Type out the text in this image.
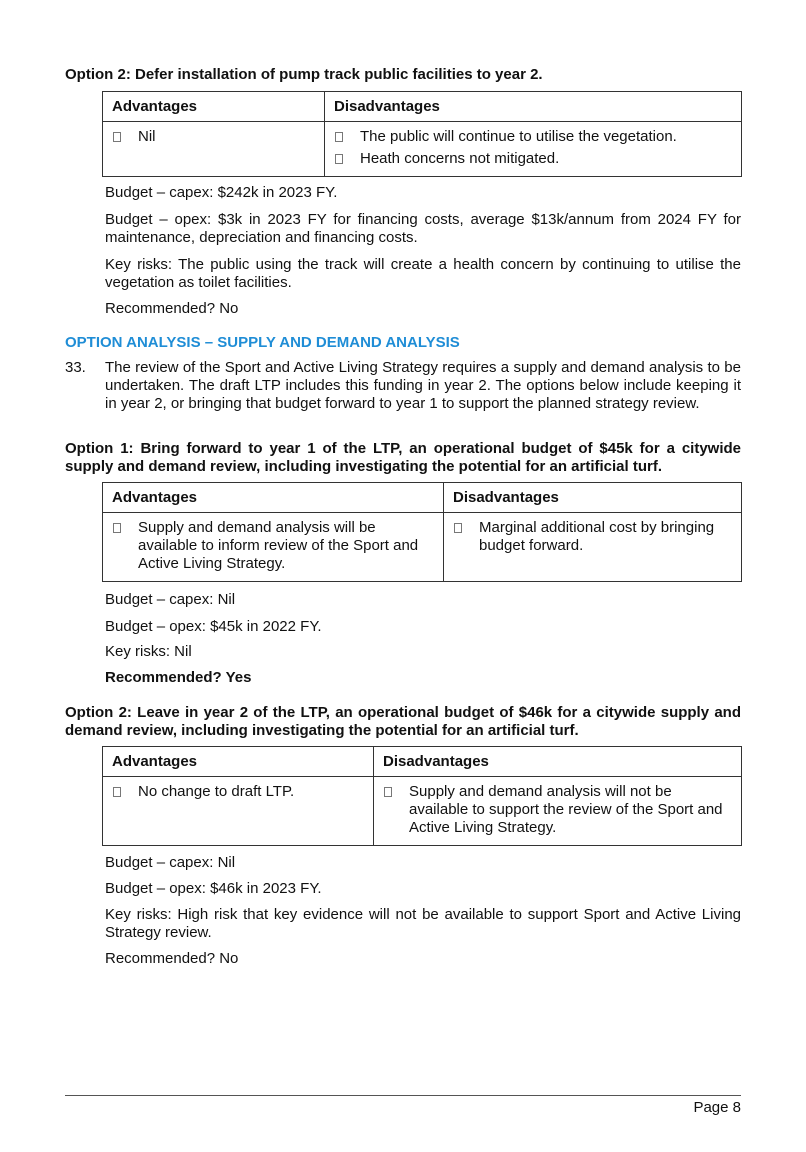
Option 2: Defer installation of pump track public facilities to year 2.
Advantages	Disadvantages

Nil	The public will continue to utilise the vegetation.
Heath concerns not mitigated.
Budget – capex: $242k in 2023 FY.
Budget – opex: $3k in 2023 FY for financing costs, average $13k/annum from 2024 FY for maintenance, depreciation and financing costs.
Key risks: The public using the track will create a health concern by continuing to utilise the vegetation as toilet facilities.
Recommended? No
OPTION ANALYSIS – SUPPLY AND DEMAND ANALYSIS
33. The review of the Sport and Active Living Strategy requires a supply and demand analysis to be undertaken. The draft LTP includes this funding in year 2. The options below include keeping it in year 2, or bringing that budget forward to year 1 to support the planned strategy review.
Option 1: Bring forward to year 1 of the LTP, an operational budget of $45k for a citywide supply and demand review, including investigating the potential for an artificial turf.
Advantages	Disadvantages

Supply and demand analysis will be available to inform review of the Sport and Active Living Strategy.	Marginal additional cost by bringing budget forward.
Budget – capex: Nil
Budget – opex: $45k in 2022 FY.
Key risks: Nil
Recommended? Yes
Option 2: Leave in year 2 of the LTP, an operational budget of $46k for a citywide supply and demand review, including investigating the potential for an artificial turf.
Advantages	Disadvantages

No change to draft LTP.	Supply and demand analysis will not be available to support the review of the Sport and Active Living Strategy.
Budget – capex: Nil
Budget – opex: $46k in 2023 FY.
Key risks: High risk that key evidence will not be available to support Sport and Active Living Strategy review.
Recommended? No
Page 8
